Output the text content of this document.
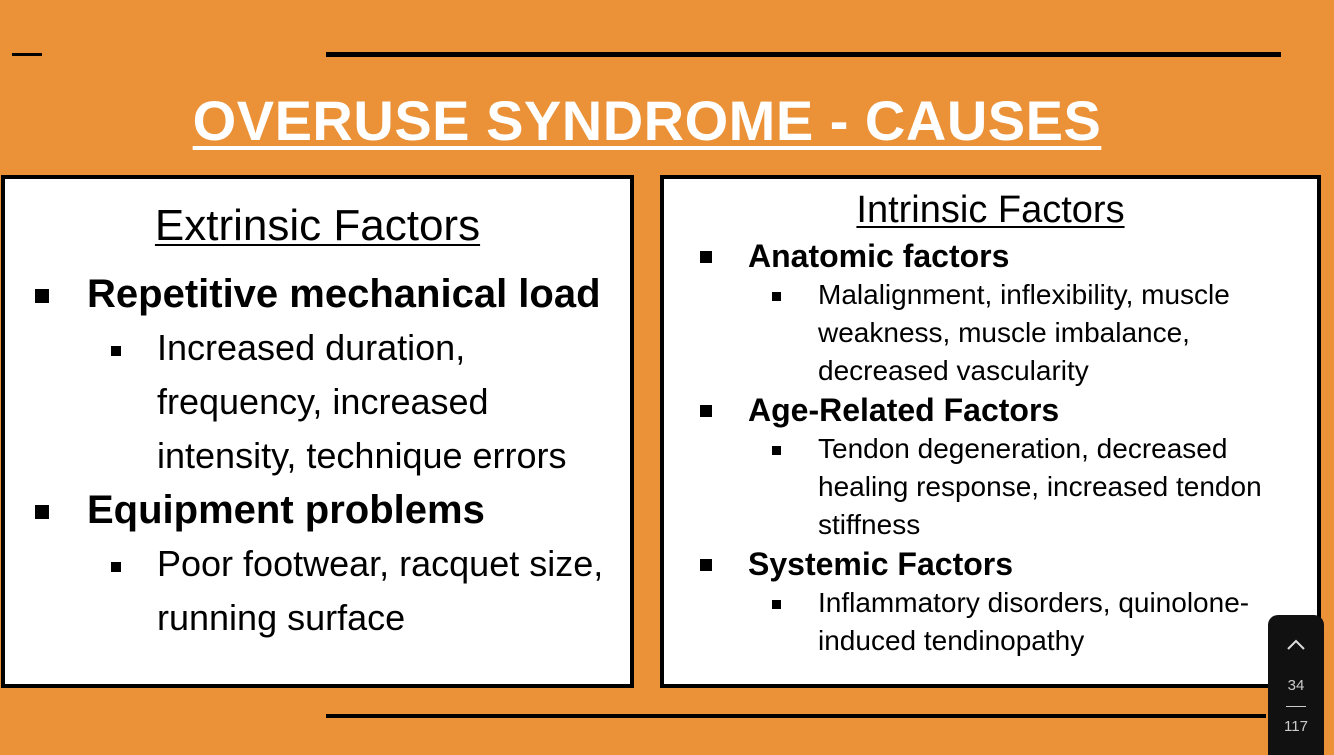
OVERUSE SYNDROME - CAUSES
Extrinsic Factors
Repetitive mechanical load
Increased duration, frequency, increased intensity, technique errors
Equipment problems
Poor footwear, racquet size, running surface
Intrinsic Factors
Anatomic factors
Malalignment, inflexibility, muscle weakness, muscle imbalance, decreased vascularity
Age-Related Factors
Tendon degeneration, decreased healing response, increased tendon stiffness
Systemic Factors
Inflammatory disorders, quinolone-induced tendinopathy
34
117
